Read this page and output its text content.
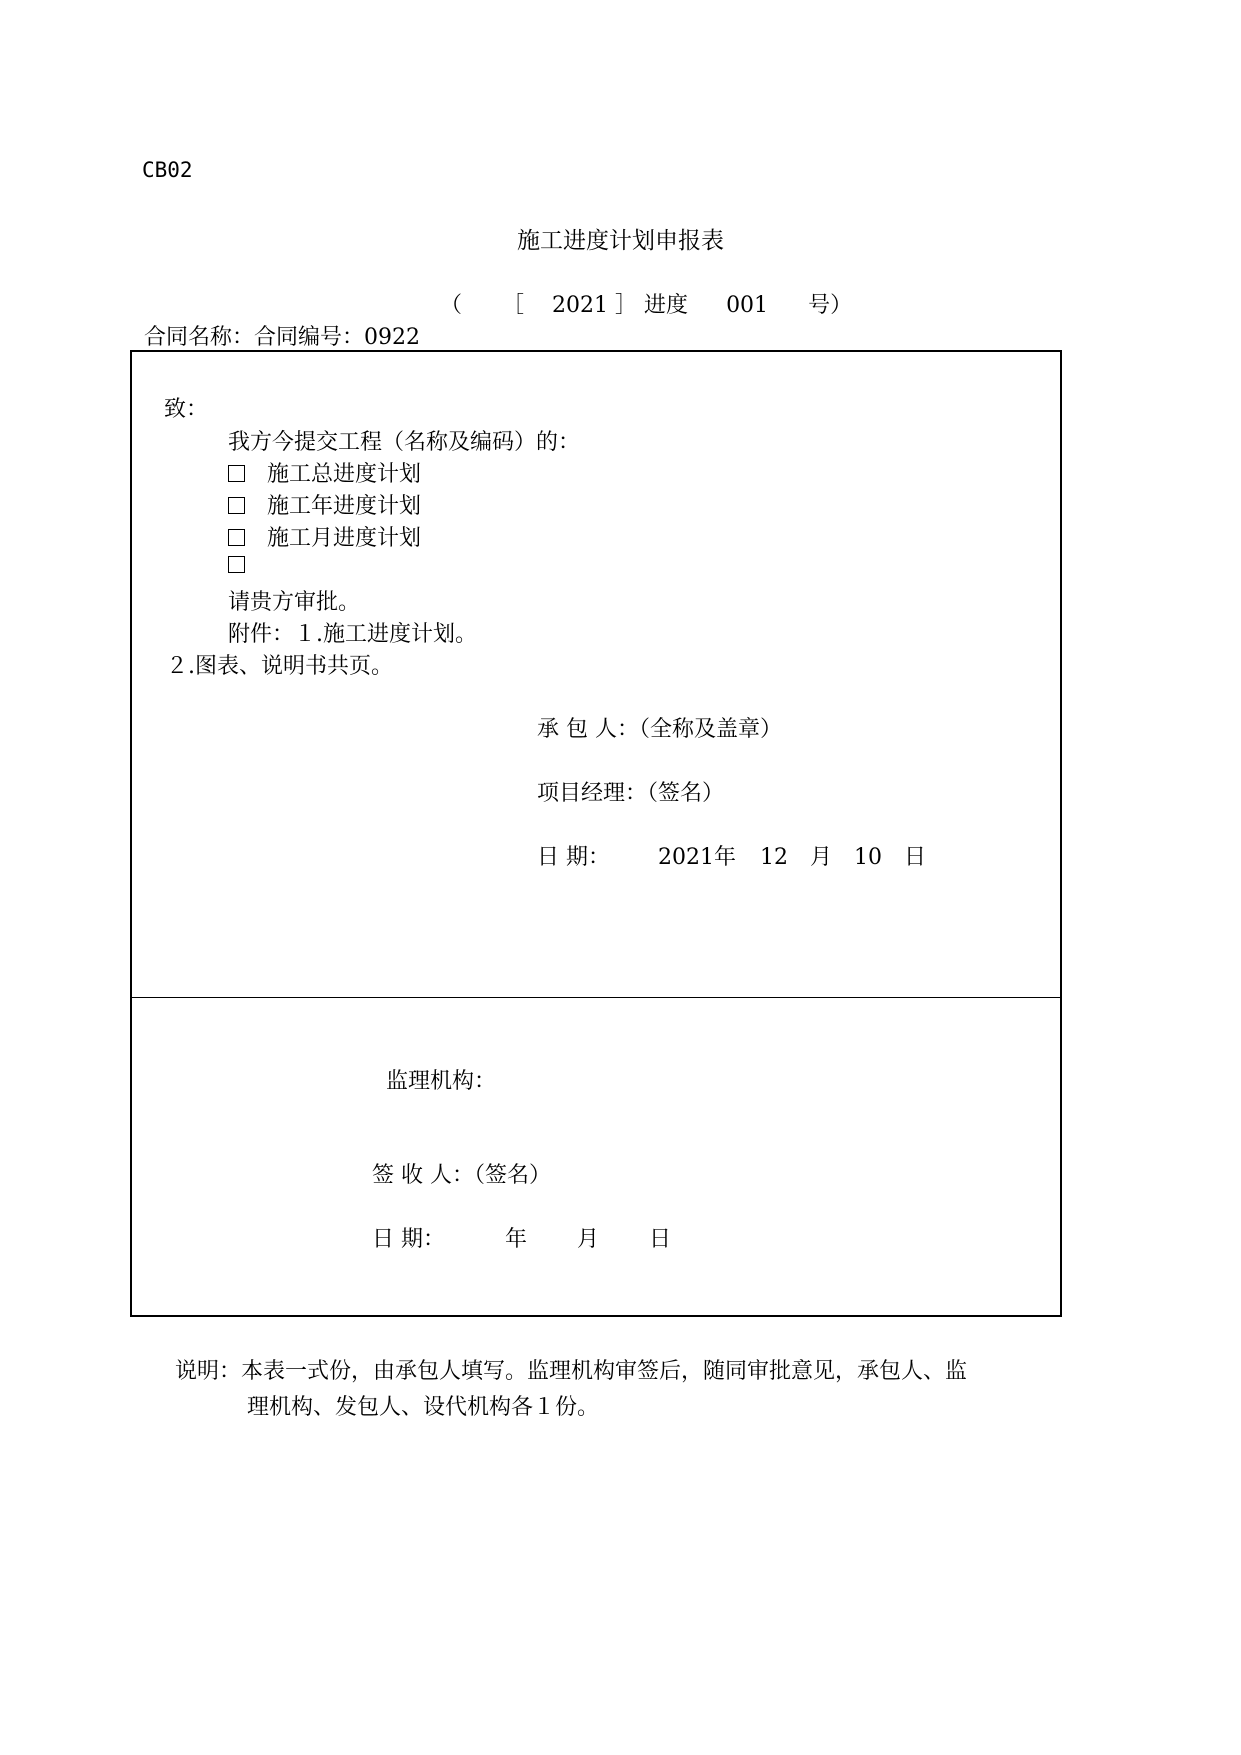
CB02
施工进度计划申报表
（ ［ 2021 ］ 进度 001 号）
合同名称：合同编号：0922
致：
我方今提交工程（名称及编码）的：
施工总进度计划
施工年进度计划
施工月进度计划
请贵方审批。
附件：１.施工进度计划。
２.图表、说明书共页。
承 包 人：（全称及盖章）
项目经理：（签名）
日 期： 2021年 12 月 10 日
监理机构：
签 收 人：（签名）
日 期：	年 月 日
说明：本表一式份，由承包人填写。监理机构审签后，随同审批意见，承包人、监
理机构、发包人、设代机构各１份。
